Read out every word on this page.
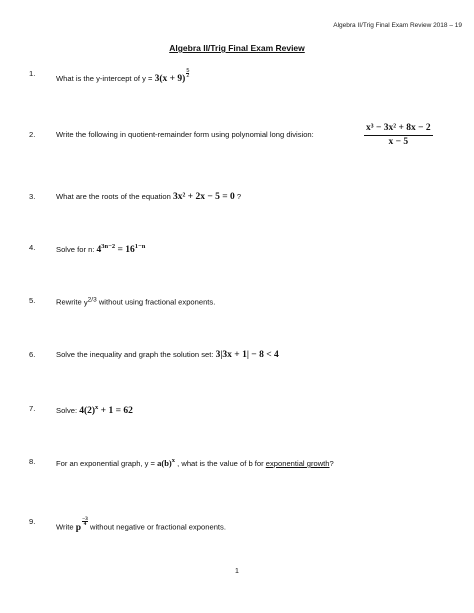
Algebra II/Trig Final Exam Review 2018 – 19
Algebra II/Trig Final Exam Review
1.
What is the y-intercept of y = 3(x + 9)
$\frac{5}{2}$
2.	Write the following in quotient-remainder form using polynomial long division:	$\frac{\text{x³ − 3x² + 8x − 2}}{x - 5}$
3.	What are the roots of the equation 3x² + 2x − 5 = 0 ?
4.	Solve for n: $4^{3n-2} = 16^{1-n}$
5.	Rewrite y2/3 without using fractional exponents.
6.	Solve the inequality and graph the solution set: 3|3x + 1| − 8 < 4
7.	Solve: $4(2)^x + 1 = 62$
8.	For an exponential graph, $y = a(b)^x$ , what is the value of b for exponential growth?
9.
Write p
$\frac{-3}{4}$
without negative or fractional exponents.
1
